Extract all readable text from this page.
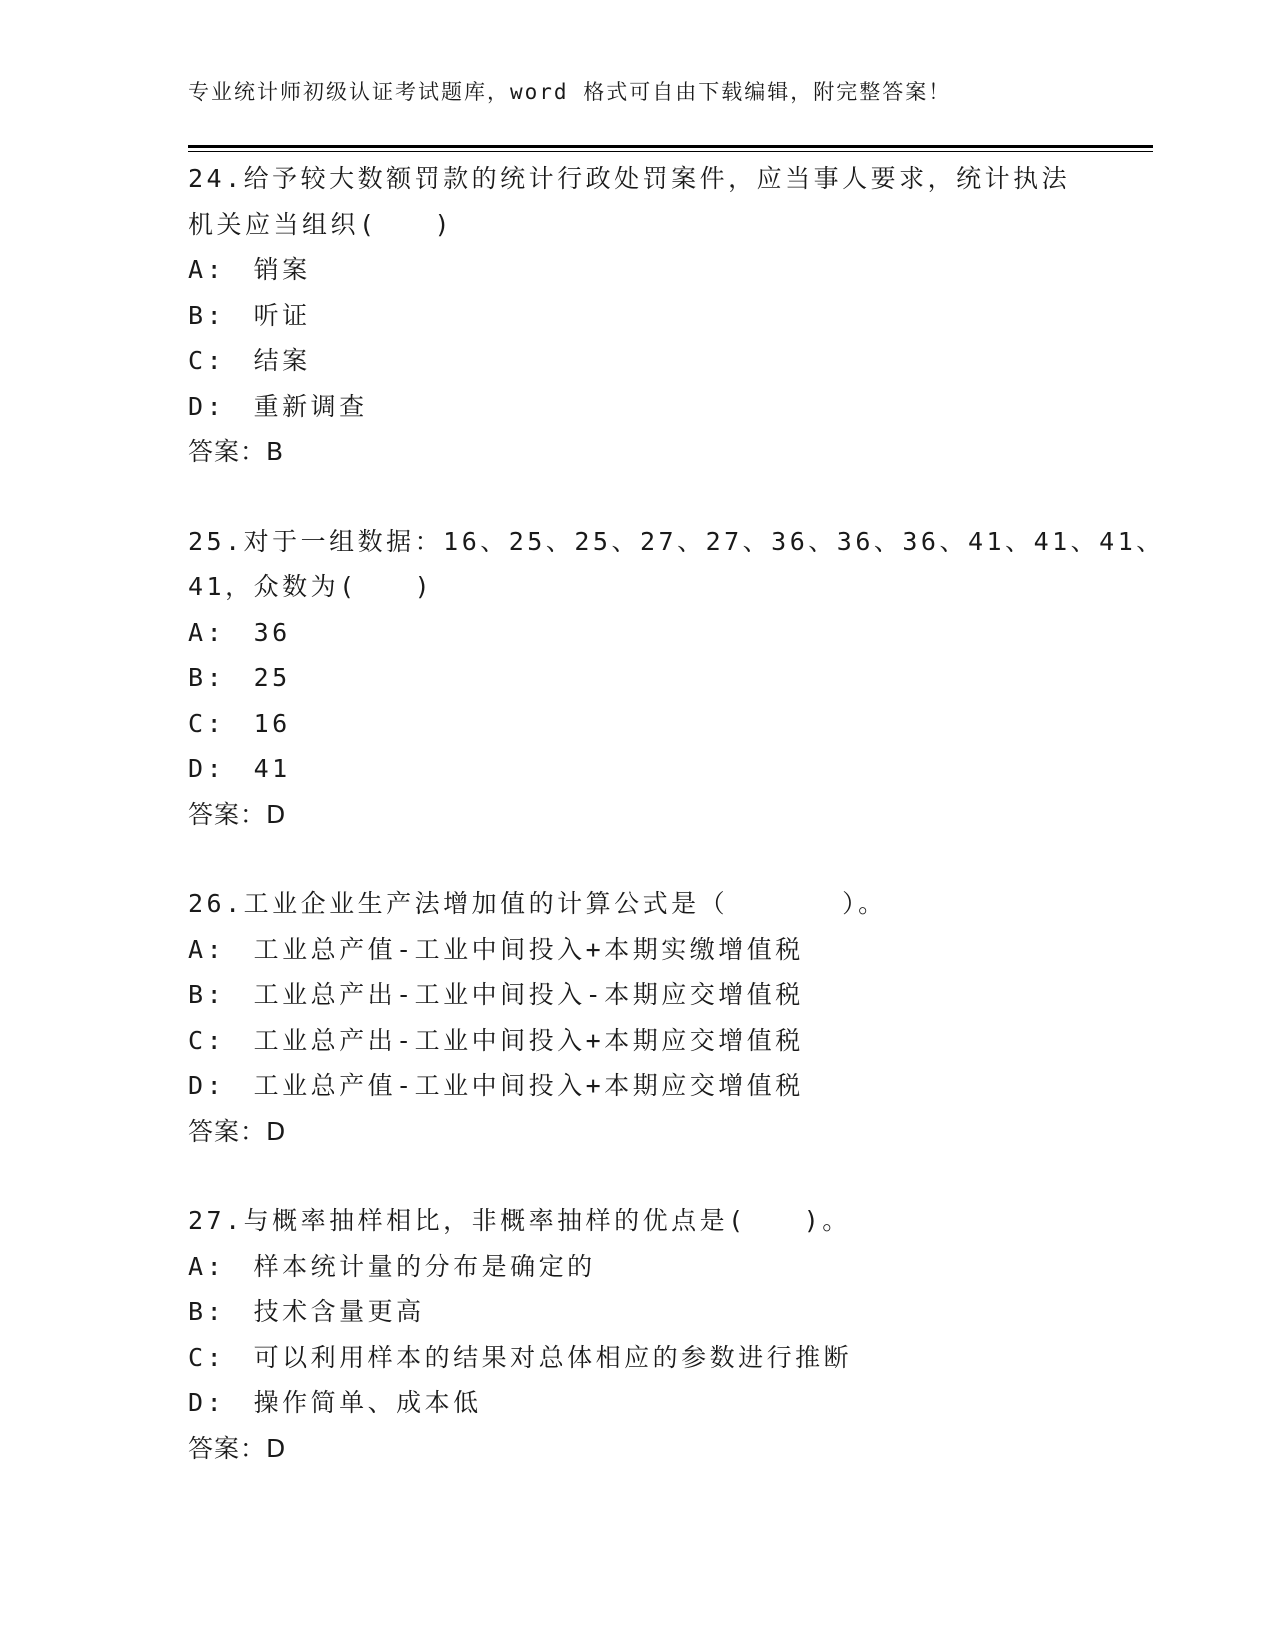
专业统计师初级认证考试题库，word 格式可自由下载编辑，附完整答案！
24.给予较大数额罚款的统计行政处罚案件，应当事人要求，统计执法
机关应当组织(　　)
A:　销案
B:　听证
C:　结案
D:　重新调查
答案：B
25.对于一组数据：16、25、25、27、27、36、36、36、41、41、41、
41，众数为(　　)
A:　36
B:　25
C:　16
D:　41
答案：D
26.工业企业生产法增加值的计算公式是（　　　　）。
A:　工业总产值-工业中间投入+本期实缴增值税
B:　工业总产出-工业中间投入-本期应交增值税
C:　工业总产出-工业中间投入+本期应交增值税
D:　工业总产值-工业中间投入+本期应交增值税
答案：D
27.与概率抽样相比，非概率抽样的优点是(　　)。
A:　样本统计量的分布是确定的
B:　技术含量更高
C:　可以利用样本的结果对总体相应的参数进行推断
D:　操作简单、成本低
答案：D
